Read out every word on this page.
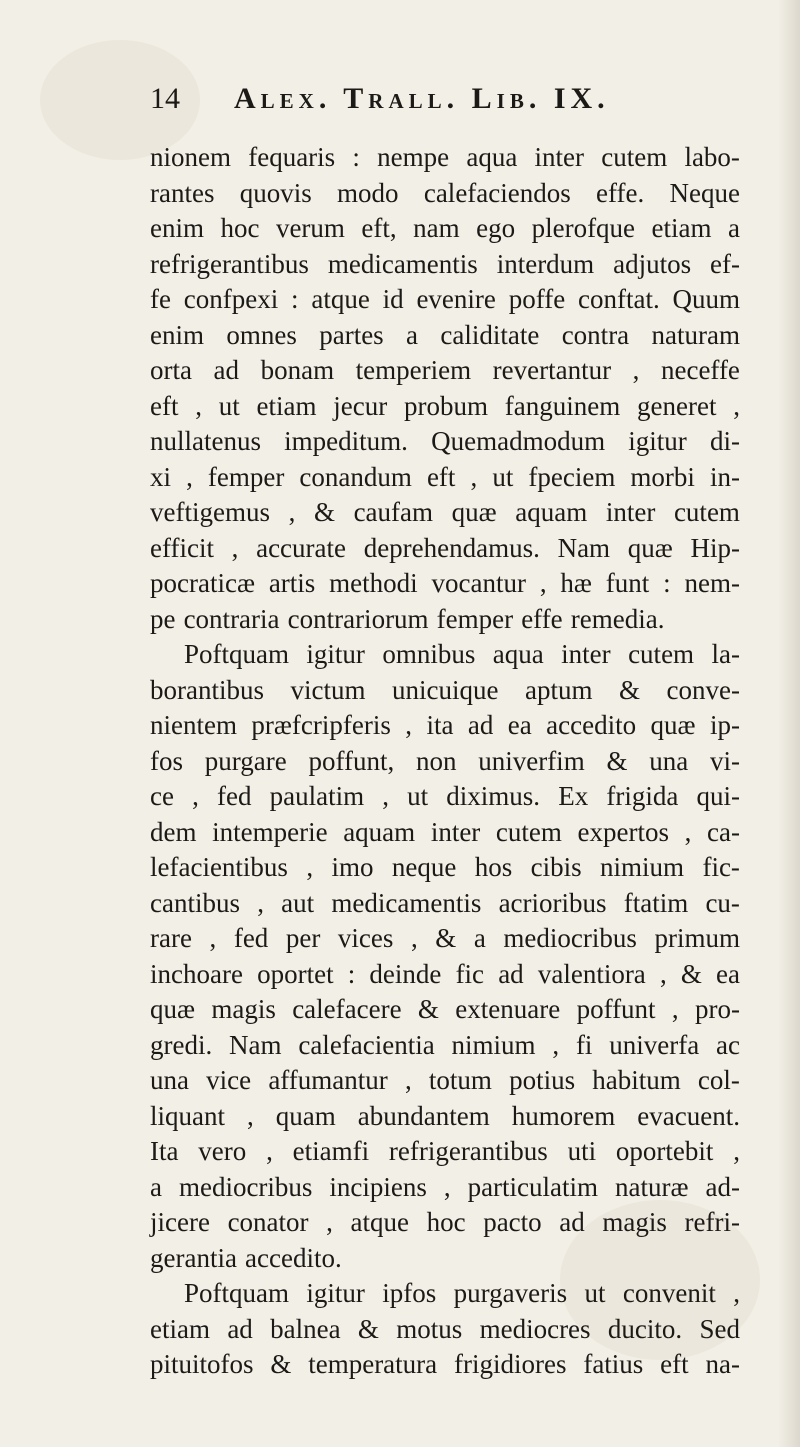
14 Alex. Trall. Lib. IX.
nionem fequaris : nempe aqua inter cutem labo-
rantes quovis modo calefaciendos effe. Neque
enim hoc verum eft, nam ego plerofque etiam a
refrigerantibus medicamentis interdum adjutos ef-
fe confpexi : atque id evenire poffe conftat. Quum
enim omnes partes a caliditate contra naturam
orta ad bonam temperiem revertantur , neceffe
eft , ut etiam jecur probum fanguinem generet ,
nullatenus impeditum. Quemadmodum igitur di-
xi , femper conandum eft , ut fpeciem morbi in-
veftigemus , & caufam quæ aquam inter cutem
efficit , accurate deprehendamus. Nam quæ Hip-
pocraticæ artis methodi vocantur , hæ funt : nem-
pe contraria contrariorum femper effe remedia.
Poftquam igitur omnibus aqua inter cutem la-
borantibus victum unicuique aptum & conve-
nientem præfcripferis , ita ad ea accedito quæ ip-
fos purgare poffunt, non univerfim & una vi-
ce , fed paulatim , ut diximus. Ex frigida qui-
dem intemperie aquam inter cutem expertos , ca-
lefacientibus , imo neque hos cibis nimium fic-
cantibus , aut medicamentis acrioribus ftatim cu-
rare , fed per vices , & a mediocribus primum
inchoare oportet : deinde fic ad valentiora , & ea
quæ magis calefacere & extenuare poffunt , pro-
gredi. Nam calefacientia nimium , fi univerfa ac
una vice affumantur , totum potius habitum col-
liquant , quam abundantem humorem evacuent.
Ita vero , etiamfi refrigerantibus uti oportebit ,
a mediocribus incipiens , particulatim naturæ ad-
jicere conator , atque hoc pacto ad magis refri-
gerantia accedito.
Poftquam igitur ipfos purgaveris ut convenit ,
etiam ad balnea & motus mediocres ducito. Sed
pituitofos & temperatura frigidiores fatius eft na-
